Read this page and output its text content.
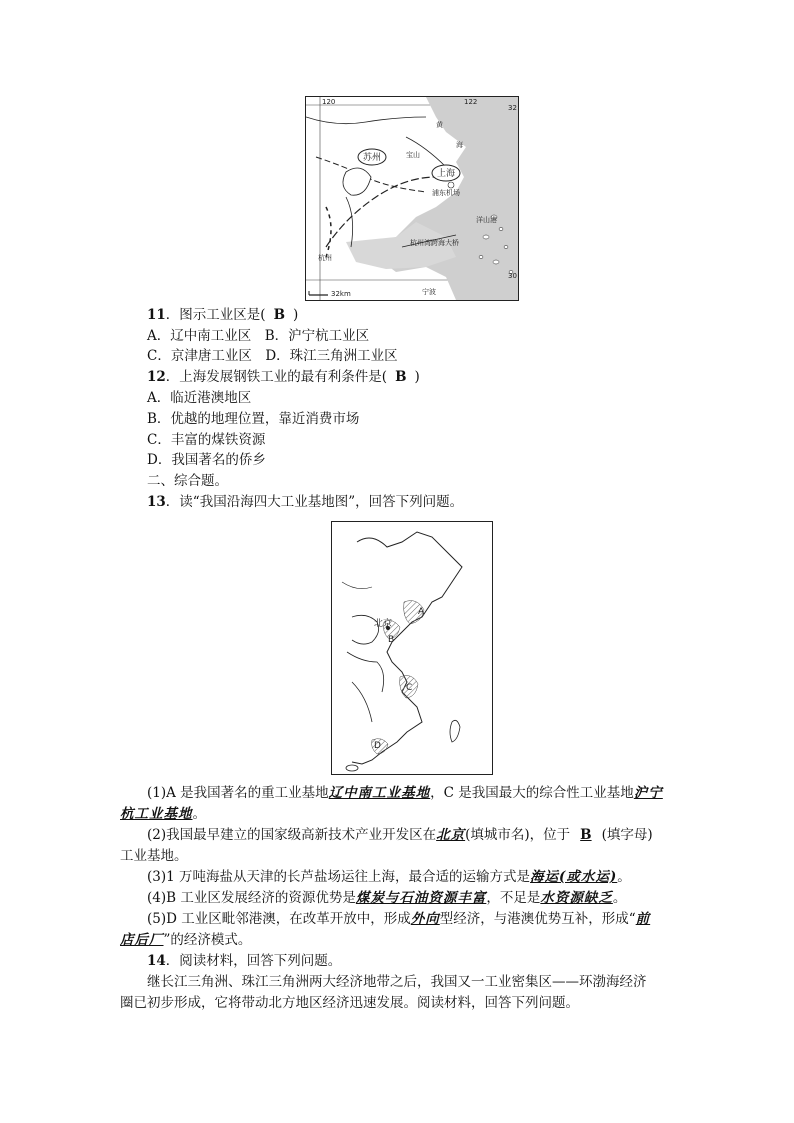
苏州
上海
120	122
32
30
宝山
浦东机场
杭州
宁波
洋山港
杭州湾跨海大桥
黄
海
32km
11．图示工业区是( B )
A．辽中南工业区　B．沪宁杭工业区
C．京津唐工业区　D．珠江三角洲工业区
12．上海发展钢铁工业的最有利条件是( B )
A．临近港澳地区
B．优越的地理位置，靠近消费市场
C．丰富的煤铁资源
D．我国著名的侨乡
二、综合题。
13．读“我国沿海四大工业基地图”，回答下列问题。
北京
A
B
C
D
(1)A 是我国著名的重工业基地辽中南工业基地，C 是我国最大的综合性工业基地沪宁
杭工业基地。
(2)我国最早建立的国家级高新技术产业开发区在北京(填城市名)，位于 B (填字母)
工业基地。
(3)1 万吨海盐从天津的长芦盐场运往上海，最合适的运输方式是海运(或水运)。
(4)B 工业区发展经济的资源优势是煤炭与石油资源丰富，不足是水资源缺乏。
(5)D 工业区毗邻港澳，在改革开放中，形成外向型经济，与港澳优势互补，形成“前
店后厂”的经济模式。
14．阅读材料，回答下列问题。
继长江三角洲、珠江三角洲两大经济地带之后，我国又一工业密集区——环渤海经济
圈已初步形成，它将带动北方地区经济迅速发展。阅读材料，回答下列问题。
